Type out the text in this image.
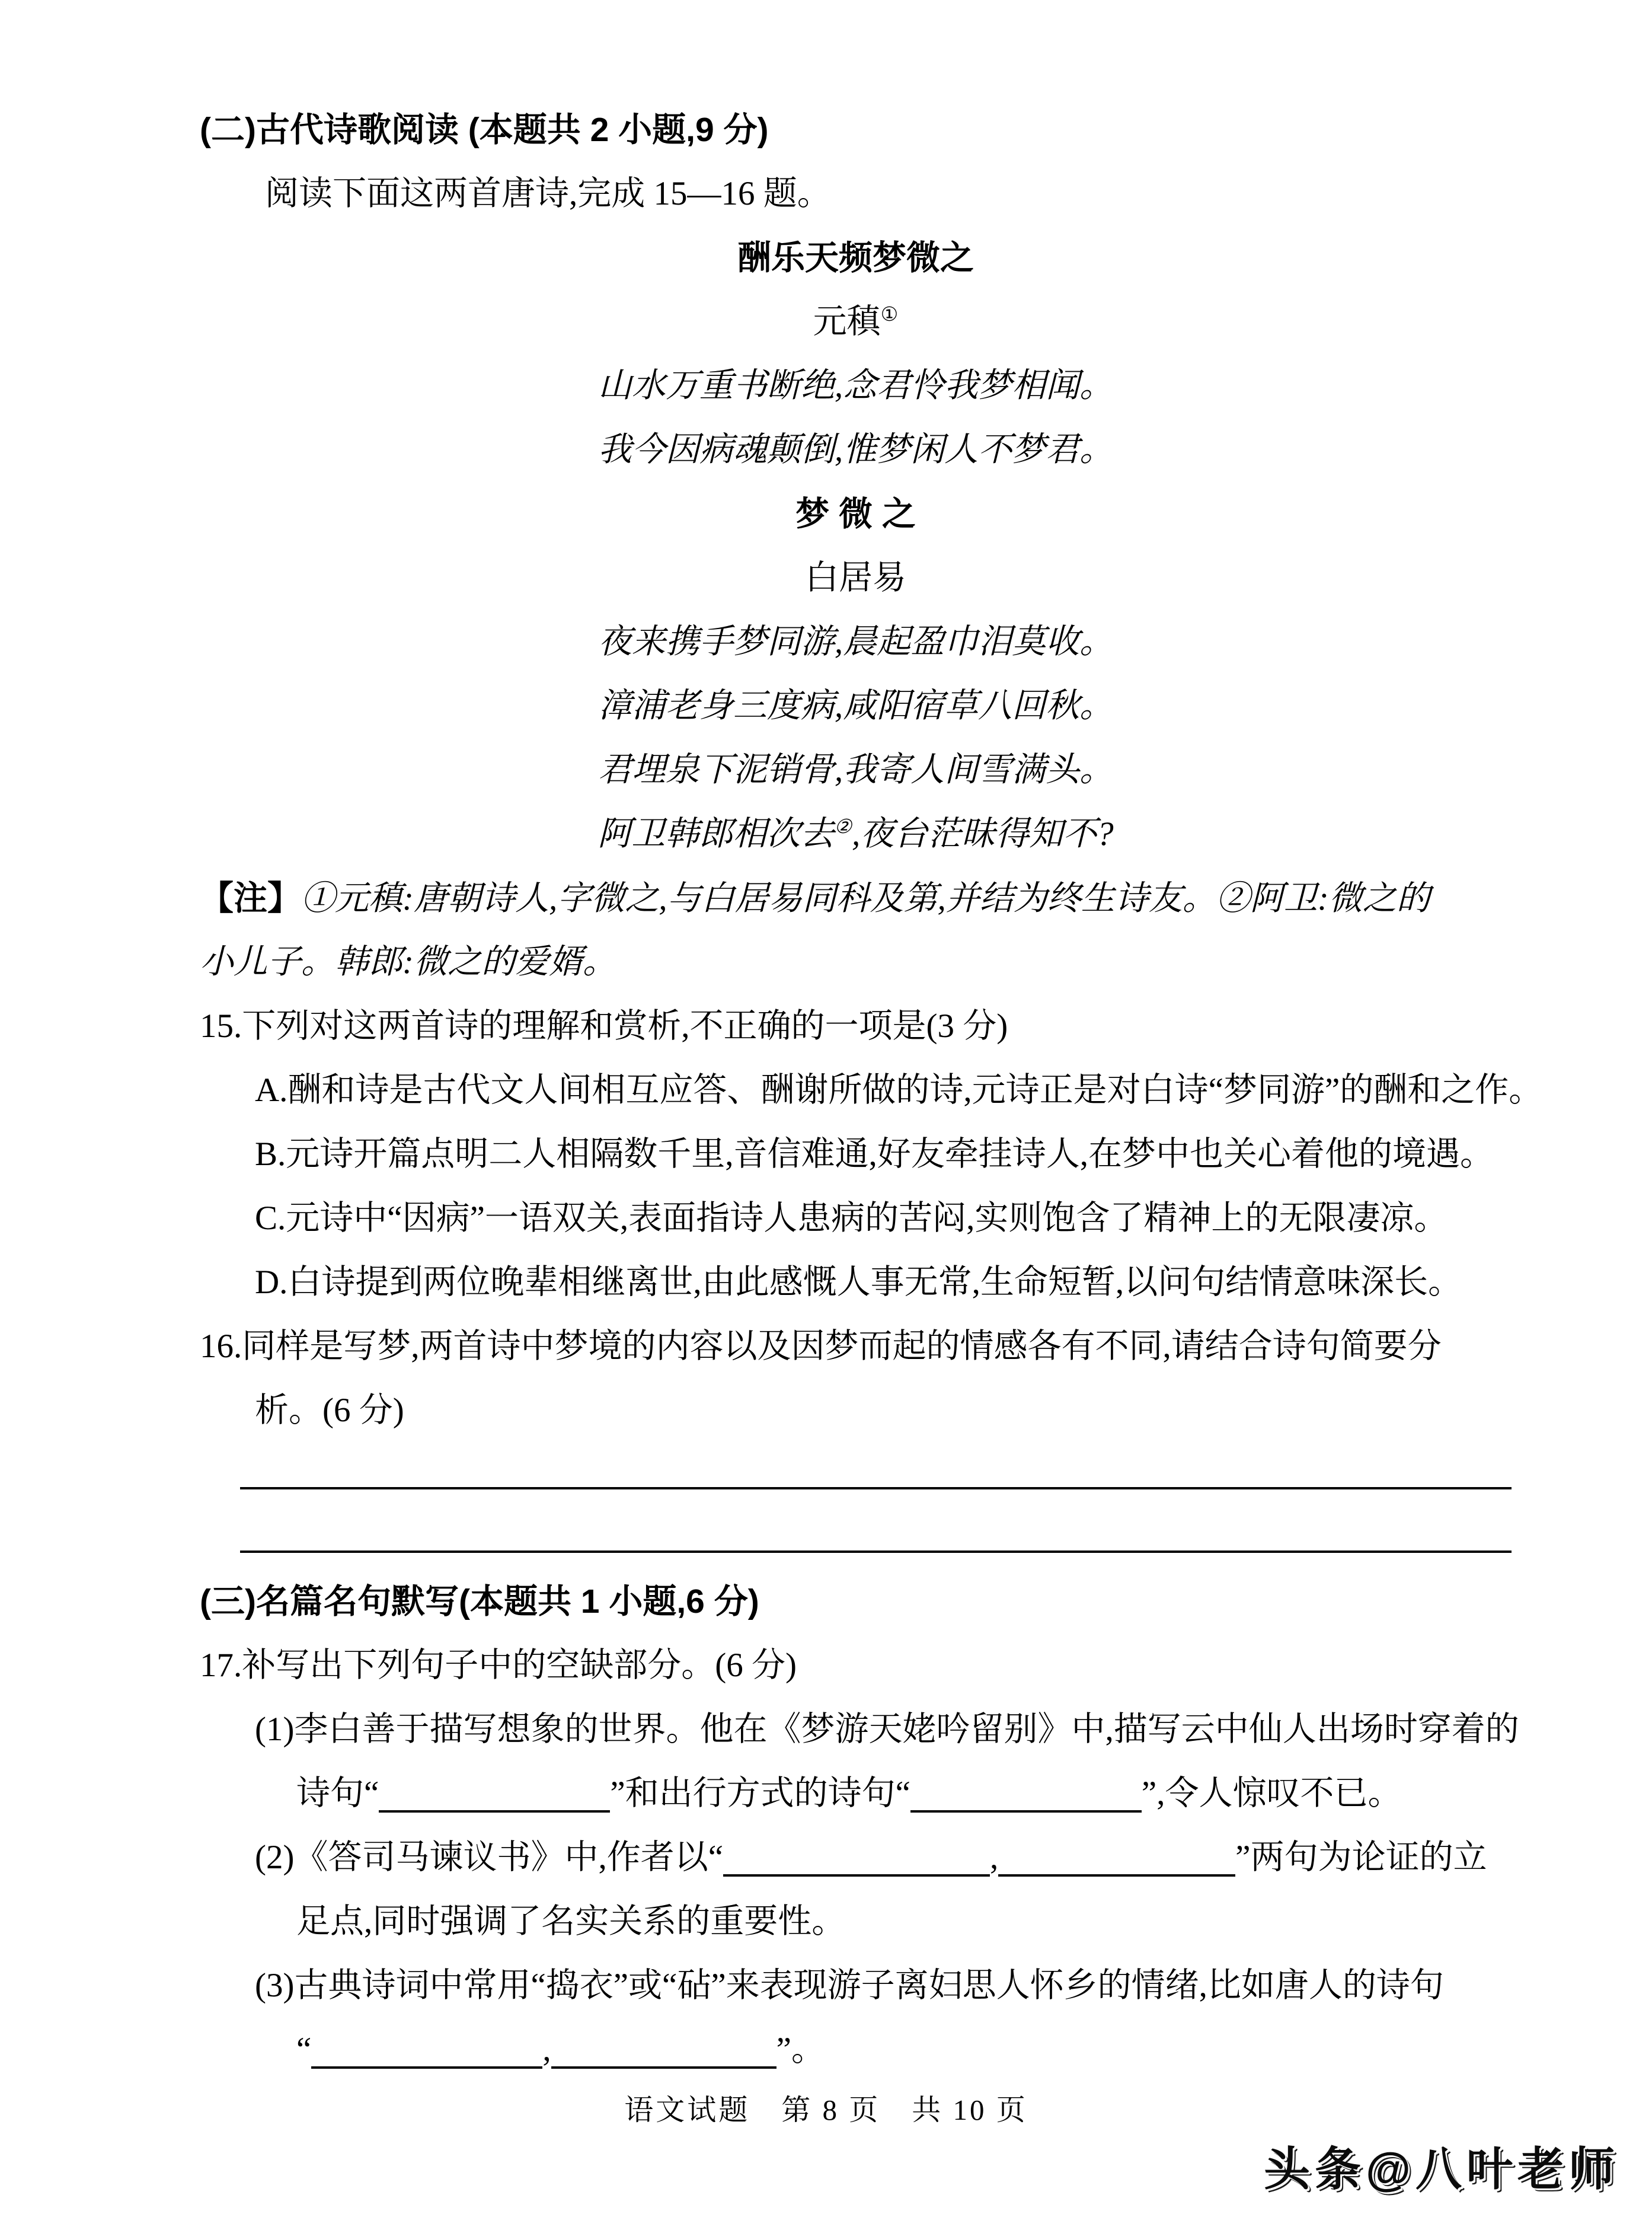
(二)古代诗歌阅读 (本题共 2 小题,9 分)
阅读下面这两首唐诗,完成 15—16 题。
酬乐天频梦微之
元稹①
山水万重书断绝,念君怜我梦相闻。
我今因病魂颠倒,惟梦闲人不梦君。
梦 微 之
白居易
夜来携手梦同游,晨起盈巾泪莫收。
漳浦老身三度病,咸阳宿草八回秋。
君埋泉下泥销骨,我寄人间雪满头。
阿卫韩郎相次去②,夜台茫昧得知不?
【注】①元稹:唐朝诗人,字微之,与白居易同科及第,并结为终生诗友。②阿卫:微之的
小儿子。韩郎:微之的爱婿。
15.下列对这两首诗的理解和赏析,不正确的一项是(3 分)
A.酬和诗是古代文人间相互应答、酬谢所做的诗,元诗正是对白诗“梦同游”的酬和之作。
B.元诗开篇点明二人相隔数千里,音信难通,好友牵挂诗人,在梦中也关心着他的境遇。
C.元诗中“因病”一语双关,表面指诗人患病的苦闷,实则饱含了精神上的无限凄凉。
D.白诗提到两位晚辈相继离世,由此感慨人事无常,生命短暂,以问句结情意味深长。
16.同样是写梦,两首诗中梦境的内容以及因梦而起的情感各有不同,请结合诗句简要分
析。(6 分)
(三)名篇名句默写(本题共 1 小题,6 分)
17.补写出下列句子中的空缺部分。(6 分)
(1)李白善于描写想象的世界。他在《梦游天姥吟留别》中,描写云中仙人出场时穿着的
诗句“	”和出行方式的诗句“	”,令人惊叹不已。
(2)《答司马谏议书》中,作者以“	,	”两句为论证的立
足点,同时强调了名实关系的重要性。
(3)古典诗词中常用“捣衣”或“砧”来表现游子离妇思人怀乡的情绪,比如唐人的诗句
“	,	”。
语文试题　第 8 页　共 10 页
头条@八叶老师
